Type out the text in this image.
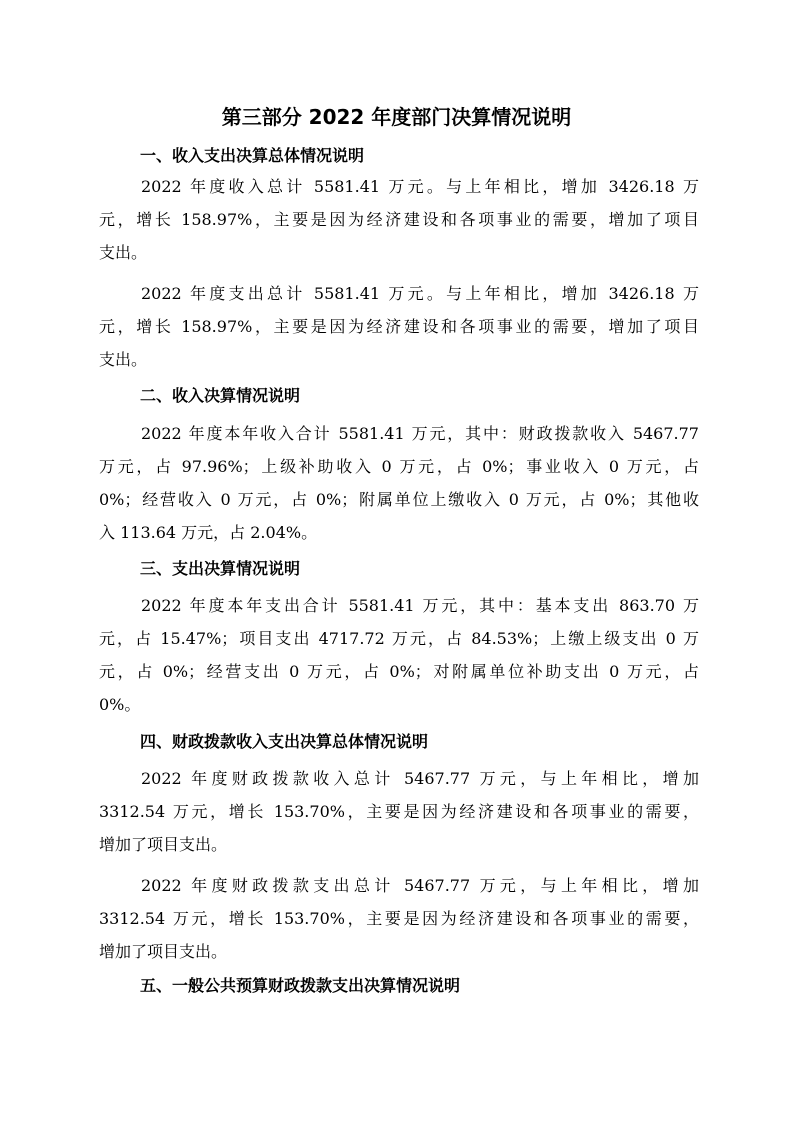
第三部分 2022 年度部门决算情况说明
一、收入支出决算总体情况说明
2022 年度收入总计 5581.41 万元。与上年相比，增加 3426.18 万
元，增长 158.97%，主要是因为经济建设和各项事业的需要，增加了项目
支出。
2022 年度支出总计 5581.41 万元。与上年相比，增加 3426.18 万
元，增长 158.97%，主要是因为经济建设和各项事业的需要，增加了项目
支出。
二、收入决算情况说明
2022 年度本年收入合计 5581.41 万元，其中：财政拨款收入 5467.77
万元，占 97.96%；上级补助收入 0 万元，占 0%；事业收入 0 万元，占
0%；经营收入 0 万元，占 0%；附属单位上缴收入 0 万元，占 0%；其他收
入 113.64 万元，占 2.04%。
三、支出决算情况说明
2022 年度本年支出合计 5581.41 万元，其中：基本支出 863.70 万
元，占 15.47%；项目支出 4717.72 万元，占 84.53%；上缴上级支出 0 万
元，占 0%；经营支出 0 万元，占 0%；对附属单位补助支出 0 万元，占
0%。
四、财政拨款收入支出决算总体情况说明
2022 年度财政拨款收入总计 5467.77 万元，与上年相比，增加
3312.54 万元，增长 153.70%，主要是因为经济建设和各项事业的需要，
增加了项目支出。
2022 年度财政拨款支出总计 5467.77 万元，与上年相比，增加
3312.54 万元，增长 153.70%，主要是因为经济建设和各项事业的需要，
增加了项目支出。
五、一般公共预算财政拨款支出决算情况说明
